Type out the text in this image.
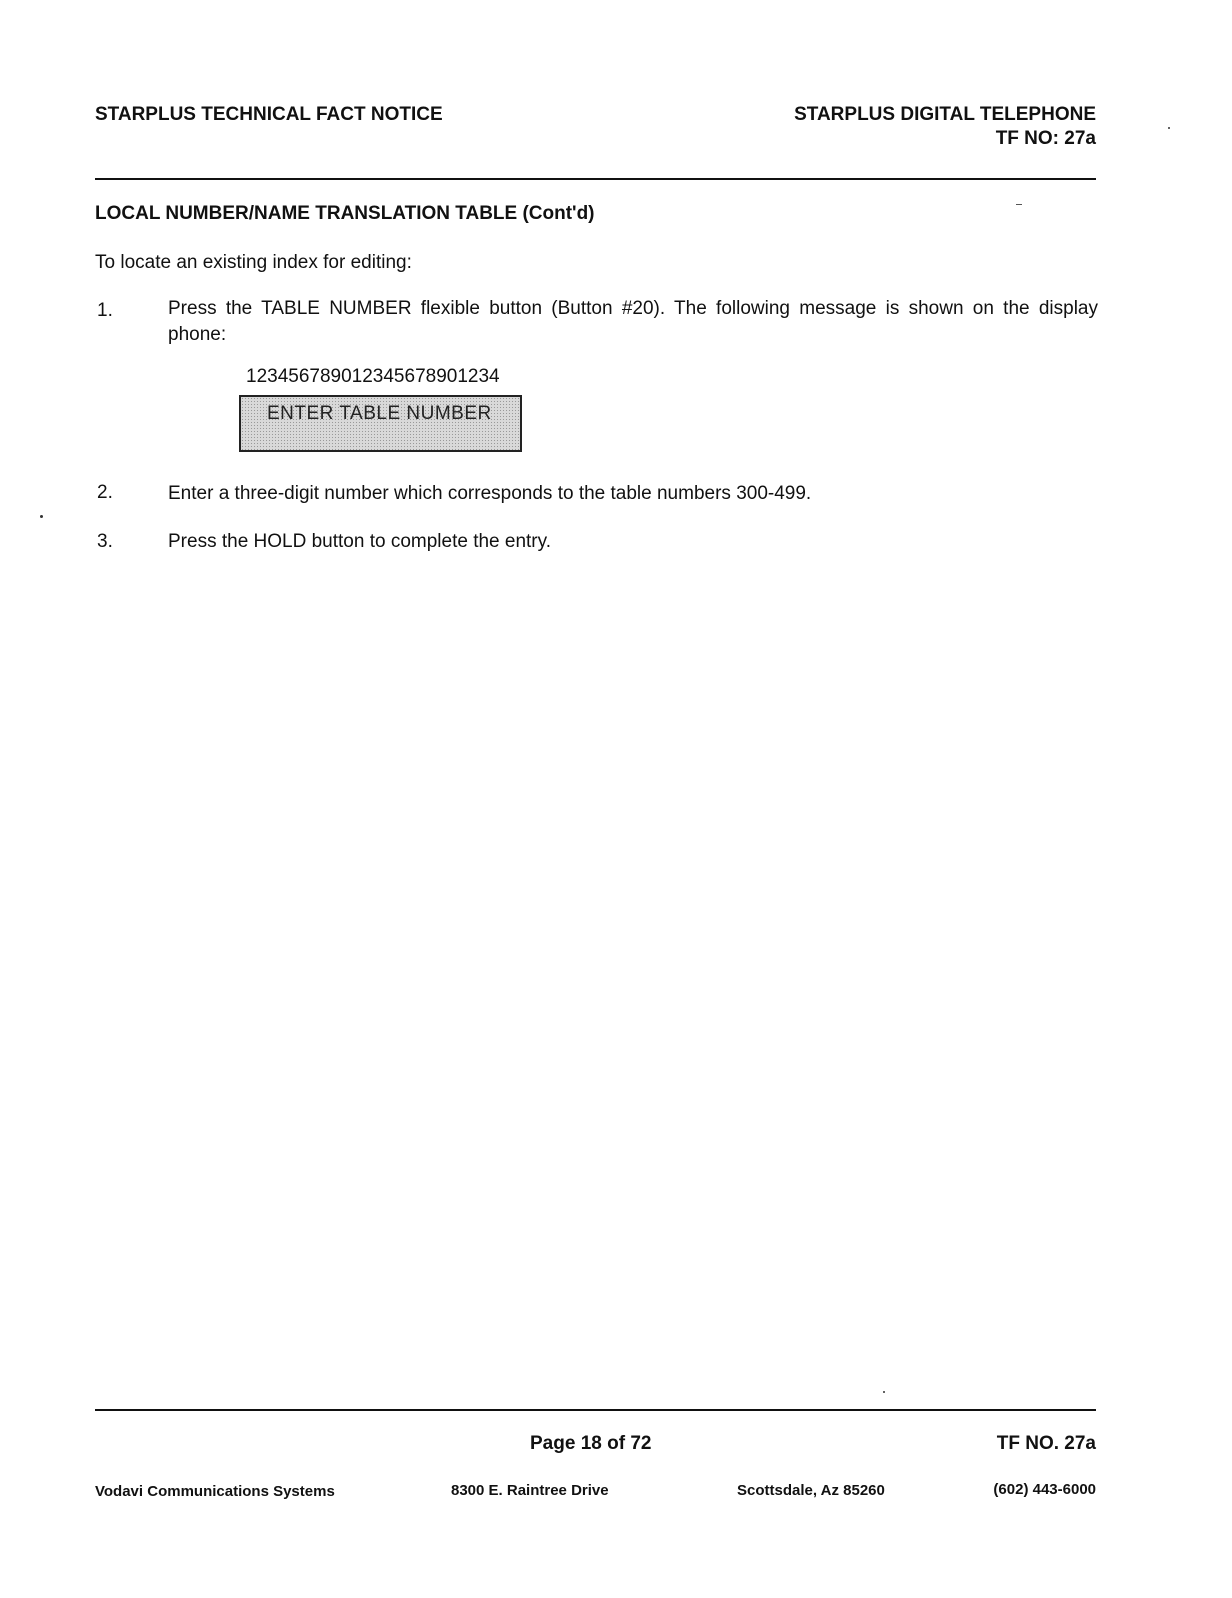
STARPLUS TECHNICAL FACT NOTICE	STARPLUS DIGITAL TELEPHONE
TF NO: 27a
LOCAL NUMBER/NAME TRANSLATION TABLE (Cont'd)
To locate an existing index for editing:
1.	Press the TABLE NUMBER flexible button (Button #20). The following message is shown on the display phone:
123456789012345678901234
ENTER TABLE NUMBER
2.	Enter a three-digit number which corresponds to the table numbers 300-499.
3.	Press the HOLD button to complete the entry.
Page 18 of 72	TF NO. 27a
Vodavi Communications Systems	8300 E. Raintree Drive	Scottsdale, Az 85260	(602) 443-6000
